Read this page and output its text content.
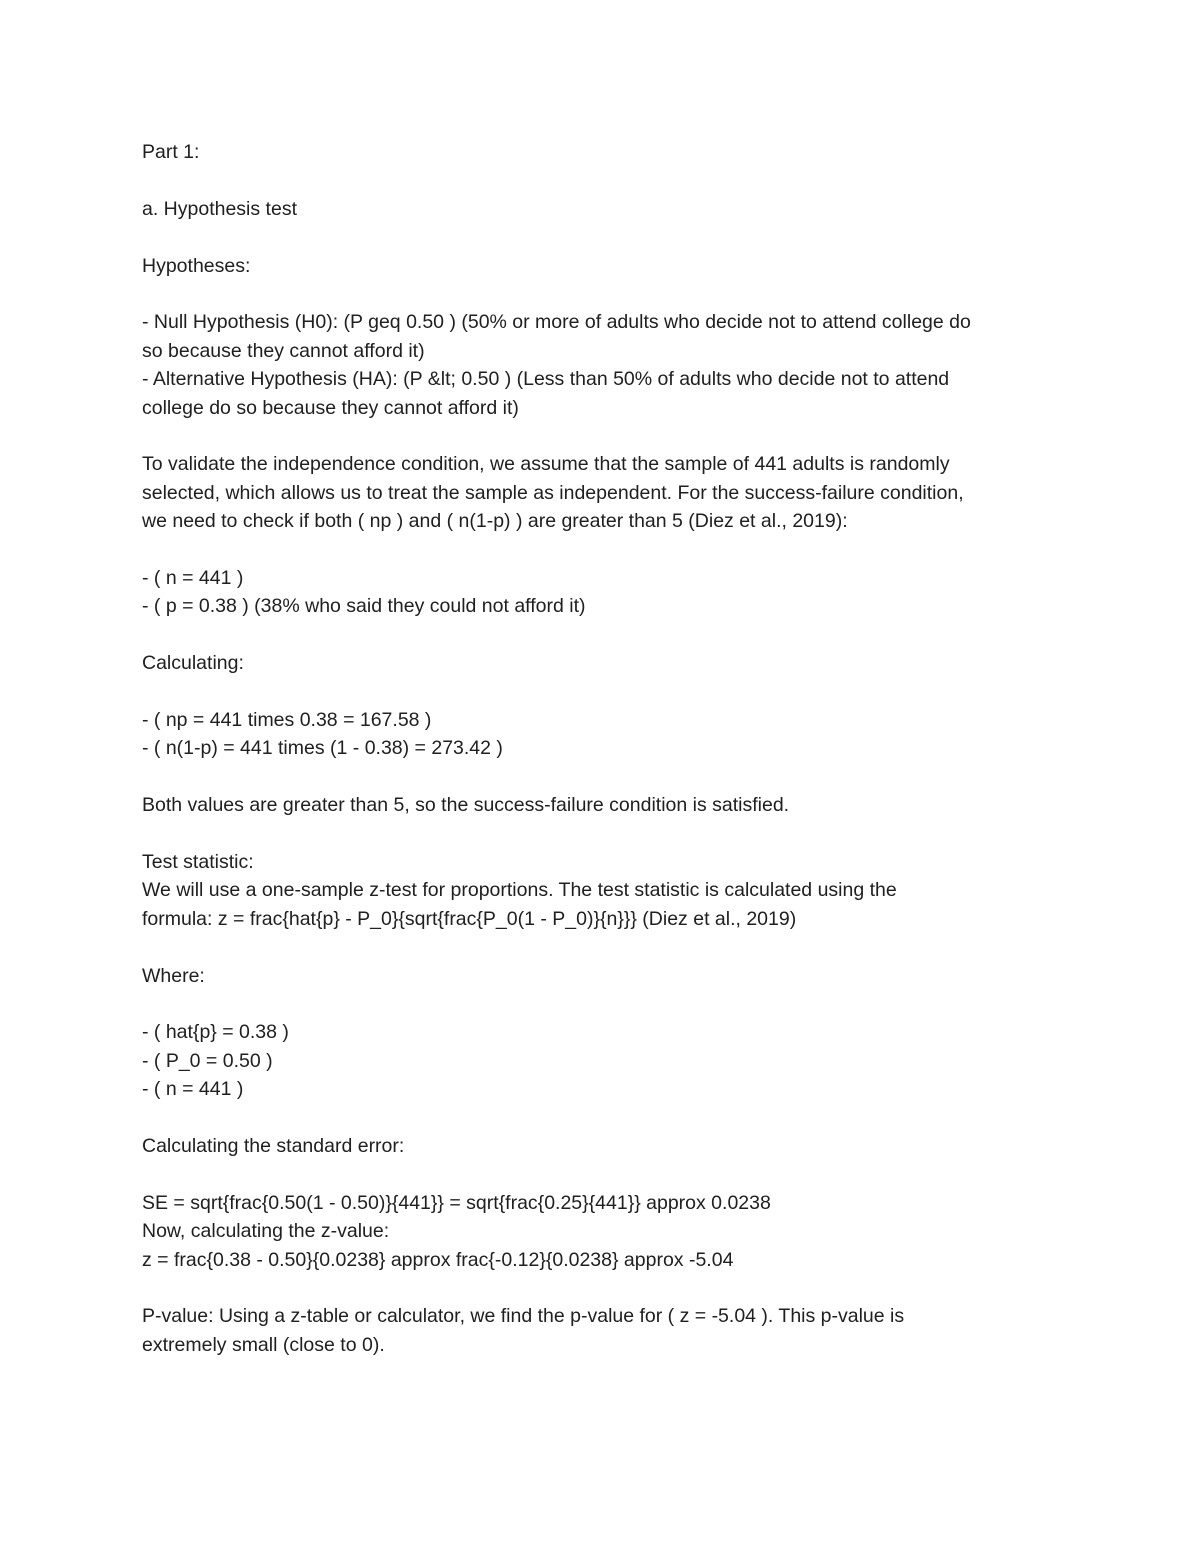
Part 1:
a. Hypothesis test
Hypotheses:
- Null Hypothesis (H0): (P geq 0.50 ) (50% or more of adults who decide not to attend college do
so because they cannot afford it)
- Alternative Hypothesis (HA): (P &lt; 0.50 ) (Less than 50% of adults who decide not to attend
college do so because they cannot afford it)
To validate the independence condition, we assume that the sample of 441 adults is randomly
selected, which allows us to treat the sample as independent. For the success-failure condition,
we need to check if both ( np ) and ( n(1-p) ) are greater than 5 (Diez et al., 2019):
- ( n = 441 )
- ( p = 0.38 ) (38% who said they could not afford it)
Calculating:
- ( np = 441 times 0.38 = 167.58 )
- ( n(1-p) = 441 times (1 - 0.38) = 273.42 )
Both values are greater than 5, so the success-failure condition is satisfied.
Test statistic:
We will use a one-sample z-test for proportions. The test statistic is calculated using the
formula: z = frac{hat{p} - P_0}{sqrt{frac{P_0(1 - P_0)}{n}}} (Diez et al., 2019)
Where:
- ( hat{p} = 0.38 )
- ( P_0 = 0.50 )
- ( n = 441 )
Calculating the standard error:
SE = sqrt{frac{0.50(1 - 0.50)}{441}} = sqrt{frac{0.25}{441}} approx 0.0238
Now, calculating the z-value:
z = frac{0.38 - 0.50}{0.0238} approx frac{-0.12}{0.0238} approx -5.04
P-value: Using a z-table or calculator, we find the p-value for ( z = -5.04 ). This p-value is
extremely small (close to 0).
